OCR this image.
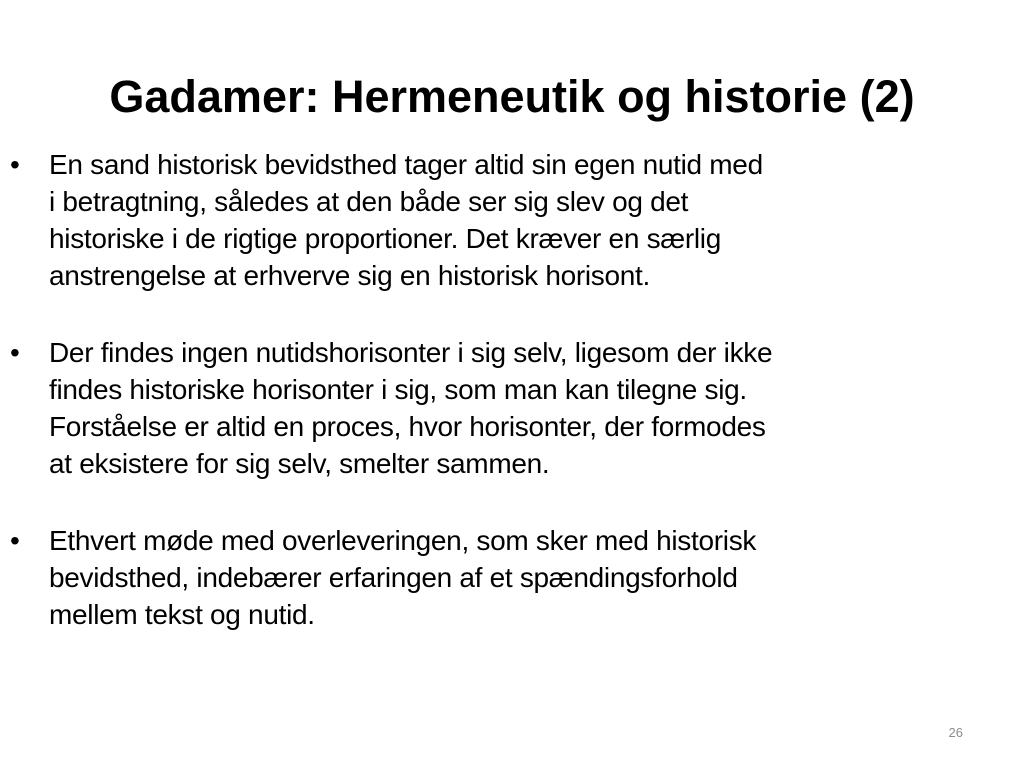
Gadamer: Hermeneutik og historie (2)
•	En sand historisk bevidsthed tager altid sin egen nutid med
i betragtning, således at den både ser sig slev og det
historiske i de rigtige proportioner. Det kræver en særlig
anstrengelse at erhverve sig en historisk horisont.
•	Der findes ingen nutidshorisonter i sig selv, ligesom der ikke
findes historiske horisonter i sig, som man kan tilegne sig.
Forståelse er altid en proces, hvor horisonter, der formodes
at eksistere for sig selv, smelter sammen.
•	Ethvert møde med overleveringen, som sker med historisk
bevidsthed, indebærer erfaringen af et spændingsforhold
mellem tekst og nutid.
26
